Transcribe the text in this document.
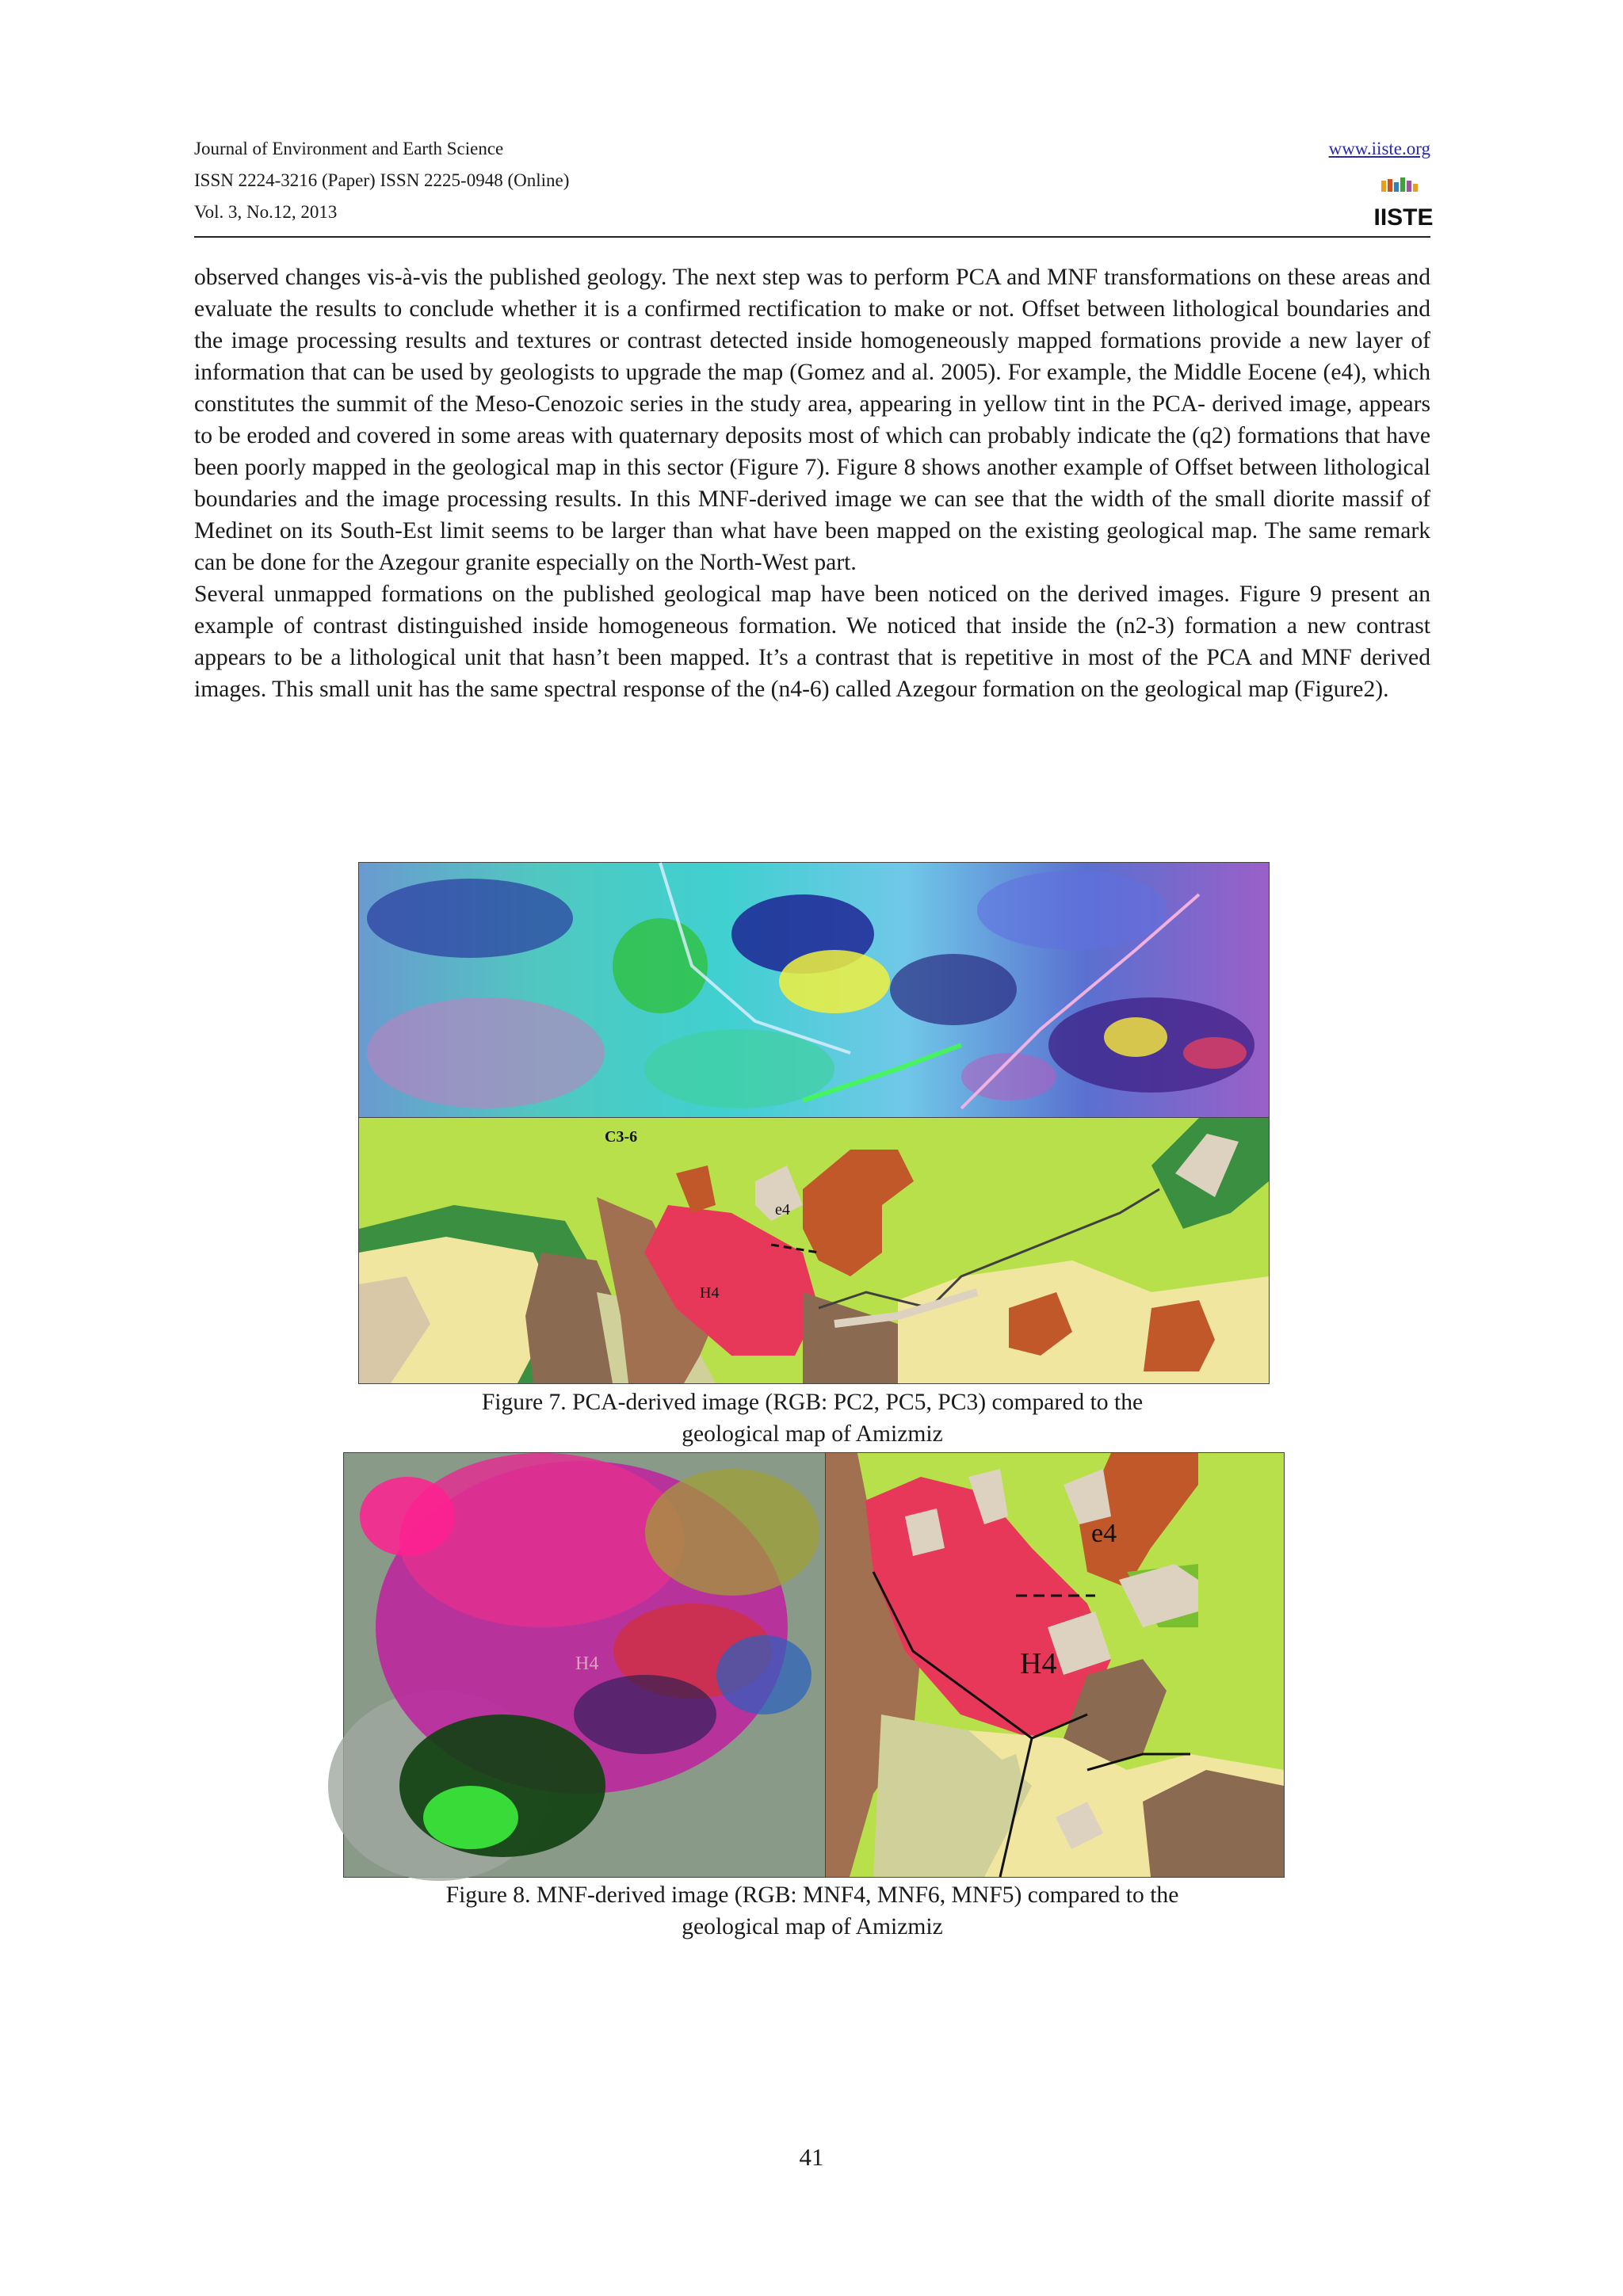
Journal of Environment and Earth Science
ISSN 2224-3216 (Paper) ISSN 2225-0948 (Online)
Vol. 3, No.12, 2013
www.iiste.org
IISTE

observed changes vis-à-vis the published geology. The next step was to perform PCA and MNF transformations on these areas and evaluate the results to conclude whether it is a confirmed rectification to make or not. Offset between lithological boundaries and the image processing results and textures or contrast detected inside homogeneously mapped formations provide a new layer of information that can be used by geologists to upgrade the map (Gomez and al. 2005). For example, the Middle Eocene (e4), which constitutes the summit of the Meso-Cenozoic series in the study area, appearing in yellow tint in the PCA- derived image, appears to be eroded and covered in some areas with quaternary deposits most of which can probably indicate the (q2) formations that have been poorly mapped in the geological map in this sector (Figure 7). Figure 8 shows another example of Offset between lithological boundaries and the image processing results. In this MNF-derived image we can see that the width of the small diorite massif of Medinet on its South-Est limit seems to be larger than what have been mapped on the existing geological map. The same remark can be done for the Azegour granite especially on the North-West part.

Several unmapped formations on the published geological map have been noticed on the derived images. Figure 9 present an example of contrast distinguished inside homogeneous formation. We noticed that inside the (n2-3) formation a new contrast appears to be a lithological unit that hasn’t been mapped. It’s a contrast that is repetitive in most of the PCA and MNF derived images. This small unit has the same spectral response of the (n4-6) called Azegour formation on the geological map (Figure2).

C3-6
e4
H4

Figure 7. PCA-derived image (RGB: PC2, PC5, PC3) compared to the
geological map of Amizmiz

H4
e4
H4

Figure 8. MNF-derived image (RGB: MNF4, MNF6, MNF5) compared to the
geological map of Amizmiz

41
